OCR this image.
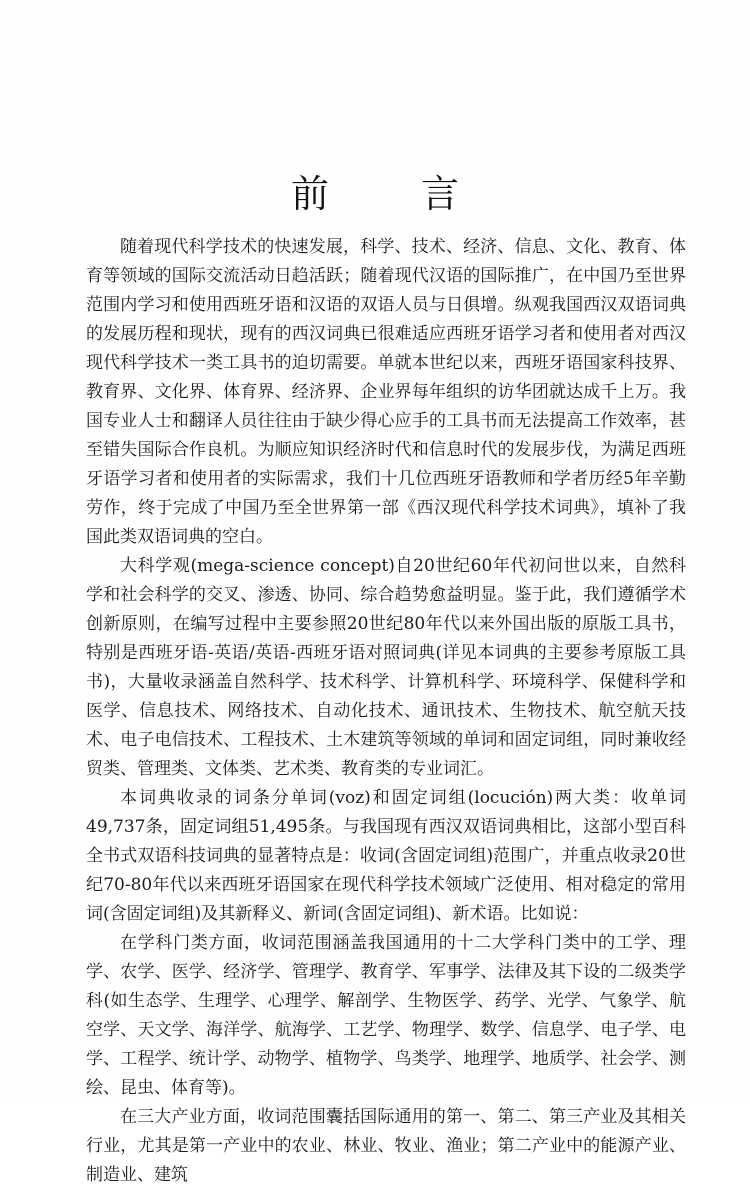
前 言

随着现代科学技术的快速发展，科学、技术、经济、信息、文化、教育、体育等领域的国际交流活动日趋活跃；随着现代汉语的国际推广，在中国乃至世界范围内学习和使用西班牙语和汉语的双语人员与日俱增。纵观我国西汉双语词典的发展历程和现状，现有的西汉词典已很难适应西班牙语学习者和使用者对西汉现代科学技术一类工具书的迫切需要。单就本世纪以来，西班牙语国家科技界、教育界、文化界、体育界、经济界、企业界每年组织的访华团就达成千上万。我国专业人士和翻译人员往往由于缺少得心应手的工具书而无法提高工作效率，甚至错失国际合作良机。为顺应知识经济时代和信息时代的发展步伐，为满足西班牙语学习者和使用者的实际需求，我们十几位西班牙语教师和学者历经5年辛勤劳作，终于完成了中国乃至全世界第一部《西汉现代科学技术词典》，填补了我国此类双语词典的空白。

大科学观(mega-science concept)自20世纪60年代初问世以来，自然科学和社会科学的交叉、渗透、协同、综合趋势愈益明显。鉴于此，我们遵循学术创新原则，在编写过程中主要参照20世纪80年代以来外国出版的原版工具书，特别是西班牙语-英语/英语-西班牙语对照词典(详见本词典的主要参考原版工具书)，大量收录涵盖自然科学、技术科学、计算机科学、环境科学、保健科学和医学、信息技术、网络技术、自动化技术、通讯技术、生物技术、航空航天技术、电子电信技术、工程技术、土木建筑等领域的单词和固定词组，同时兼收经贸类、管理类、文体类、艺术类、教育类的专业词汇。

本词典收录的词条分单词(voz)和固定词组(locución)两大类：收单词49,737条，固定词组51,495条。与我国现有西汉双语词典相比，这部小型百科全书式双语科技词典的显著特点是：收词(含固定词组)范围广，并重点收录20世纪70-80年代以来西班牙语国家在现代科学技术领域广泛使用、相对稳定的常用词(含固定词组)及其新释义、新词(含固定词组)、新术语。比如说：

在学科门类方面，收词范围涵盖我国通用的十二大学科门类中的工学、理学、农学、医学、经济学、管理学、教育学、军事学、法律及其下设的二级类学科(如生态学、生理学、心理学、解剖学、生物医学、药学、光学、气象学、航空学、天文学、海洋学、航海学、工艺学、物理学、数学、信息学、电子学、电学、工程学、统计学、动物学、植物学、鸟类学、地理学、地质学、社会学、测绘、昆虫、体育等)。

在三大产业方面，收词范围囊括国际通用的第一、第二、第三产业及其相关行业，尤其是第一产业中的农业、林业、牧业、渔业；第二产业中的能源产业、制造业、建筑
